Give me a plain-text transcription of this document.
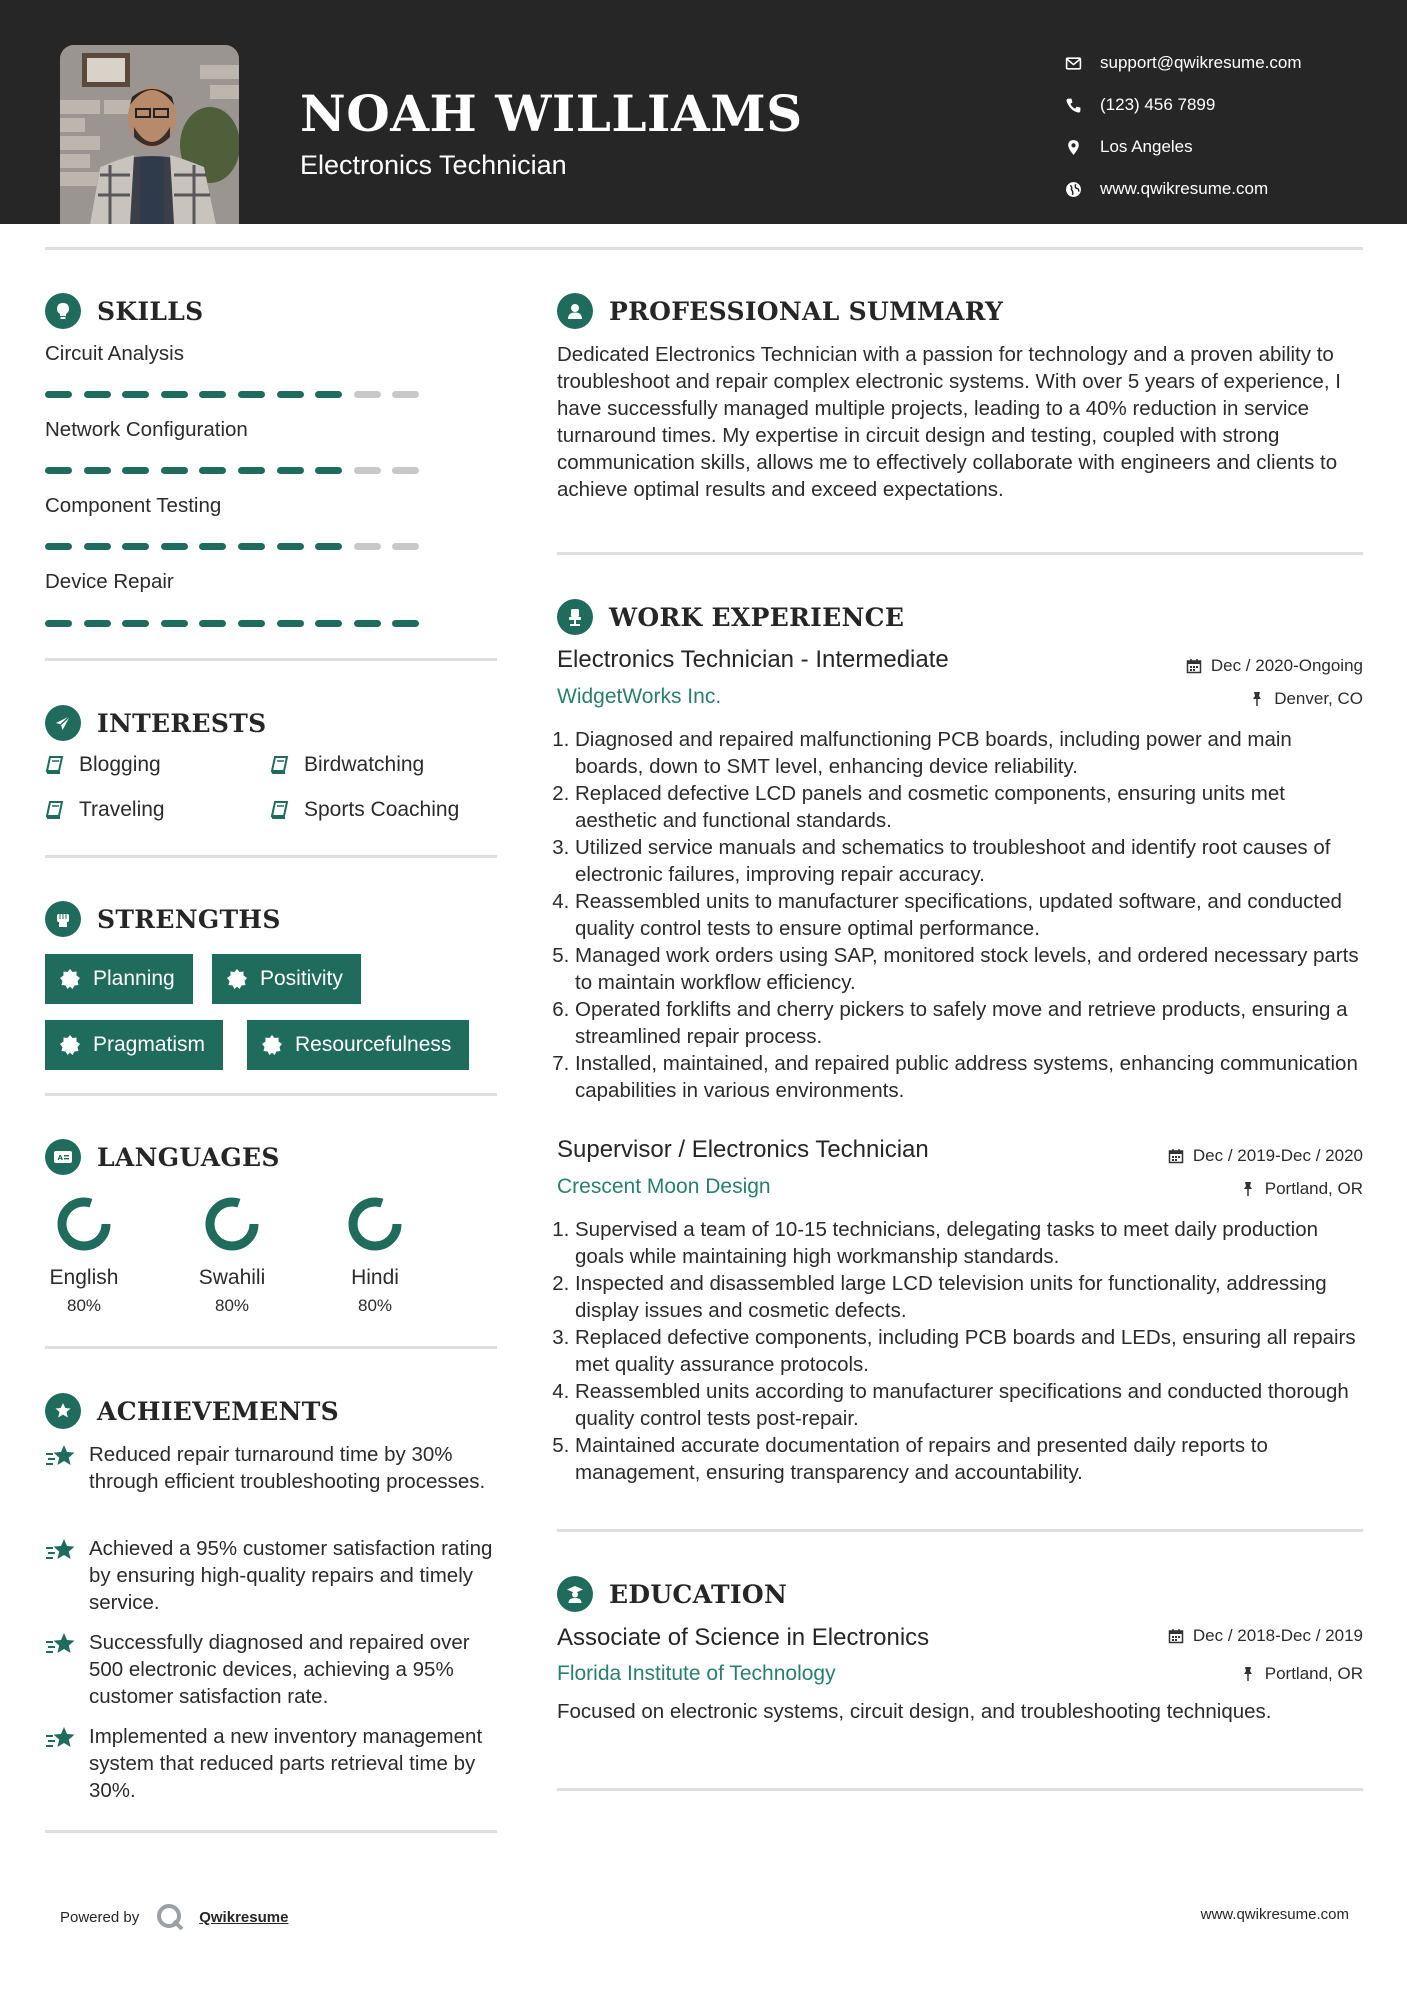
NOAH WILLIAMS
Electronics Technician
support@qwikresume.com
(123) 456 7899
Los Angeles
www.qwikresume.com
SKILLS
Circuit Analysis
Network Configuration
Component Testing
Device Repair
INTERESTS
Blogging	Birdwatching
Traveling	Sports Coaching
STRENGTHS
Planning	Positivity
Pragmatism	Resourcefulness
A LANGUAGES
English
80%
Swahili
80%
Hindi
80%
ACHIEVEMENTS
Reduced repair turnaround time by 30% through efficient troubleshooting processes.
Achieved a 95% customer satisfaction rating by ensuring high-quality repairs and timely service.
Successfully diagnosed and repaired over 500 electronic devices, achieving a 95% customer satisfaction rate.
Implemented a new inventory management system that reduced parts retrieval time by 30%.
PROFESSIONAL SUMMARY
Dedicated Electronics Technician with a passion for technology and a proven ability to troubleshoot and repair complex electronic systems. With over 5 years of experience, I have successfully managed multiple projects, leading to a 40% reduction in service turnaround times. My expertise in circuit design and testing, coupled with strong communication skills, allows me to effectively collaborate with engineers and clients to achieve optimal results and exceed expectations.
WORK EXPERIENCE
Electronics Technician - Intermediate	Dec / 2020-Ongoing
WidgetWorks Inc.	Denver, CO
1. Diagnosed and repaired malfunctioning PCB boards, including power and main boards, down to SMT level, enhancing device reliability.
2. Replaced defective LCD panels and cosmetic components, ensuring units met aesthetic and functional standards.
3. Utilized service manuals and schematics to troubleshoot and identify root causes of electronic failures, improving repair accuracy.
4. Reassembled units to manufacturer specifications, updated software, and conducted quality control tests to ensure optimal performance.
5. Managed work orders using SAP, monitored stock levels, and ordered necessary parts to maintain workflow efficiency.
6. Operated forklifts and cherry pickers to safely move and retrieve products, ensuring a streamlined repair process.
7. Installed, maintained, and repaired public address systems, enhancing communication capabilities in various environments.
Supervisor / Electronics Technician	Dec / 2019-Dec / 2020
Crescent Moon Design	Portland, OR
1. Supervised a team of 10-15 technicians, delegating tasks to meet daily production goals while maintaining high workmanship standards.
2. Inspected and disassembled large LCD television units for functionality, addressing display issues and cosmetic defects.
3. Replaced defective components, including PCB boards and LEDs, ensuring all repairs met quality assurance protocols.
4. Reassembled units according to manufacturer specifications and conducted thorough quality control tests post-repair.
5. Maintained accurate documentation of repairs and presented daily reports to management, ensuring transparency and accountability.
EDUCATION
Associate of Science in Electronics	Dec / 2018-Dec / 2019
Florida Institute of Technology	Portland, OR
Focused on electronic systems, circuit design, and troubleshooting techniques.
Powered by	Qwikresume	www.qwikresume.com
